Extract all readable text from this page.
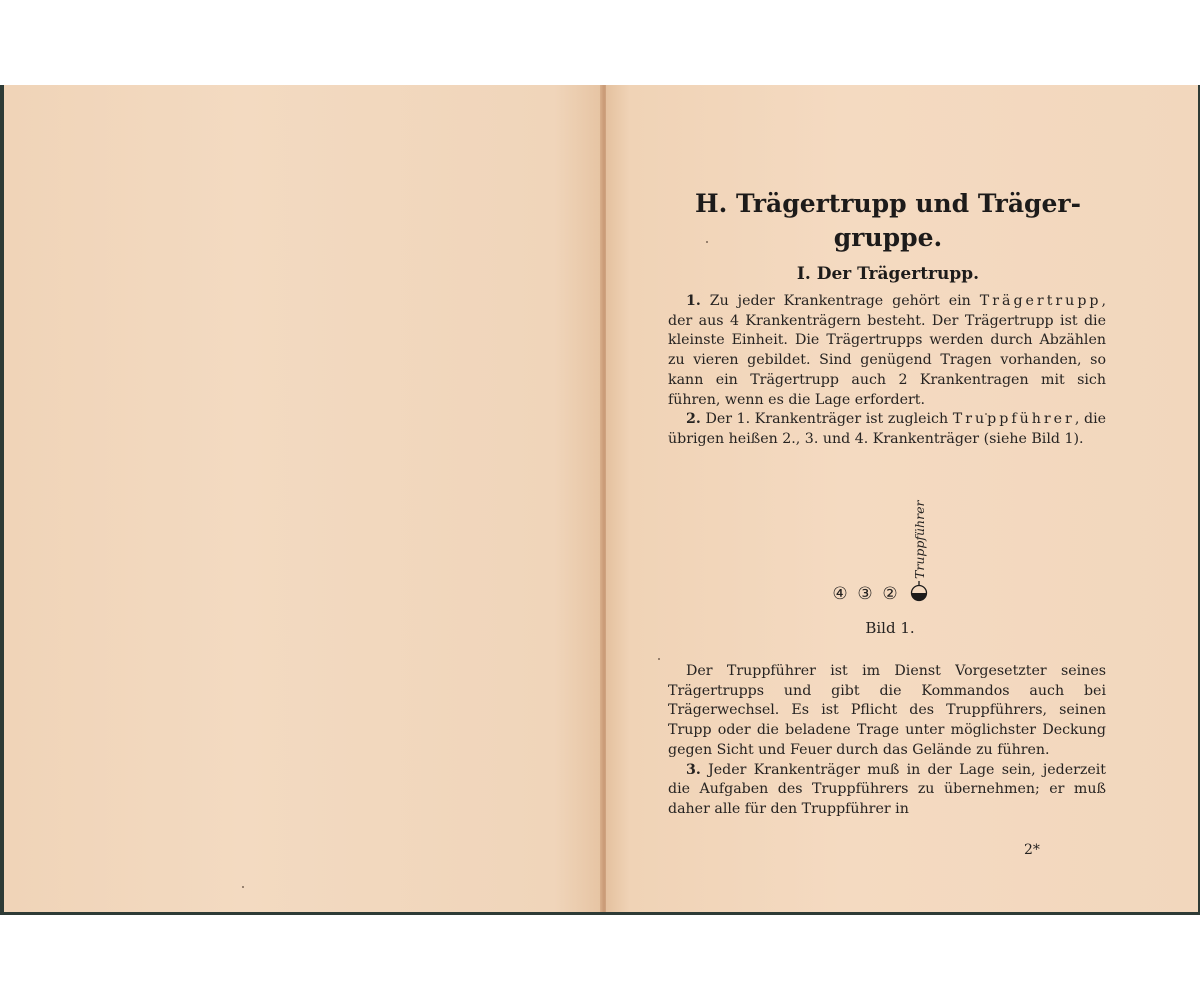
H. Trägertrupp und Träger-gruppe.
I. Der Trägertrupp.

1. Zu jeder Krankentrage gehört ein Trägertrupp, der aus 4 Krankenträgern besteht. Der Trägertrupp ist die kleinste Einheit. Die Trägertrupps werden durch Abzählen zu vieren gebildet. Sind genügend Tragen vorhanden, so kann ein Trägertrupp auch 2 Krankentragen mit sich führen, wenn es die Lage erfordert.

2. Der 1. Krankenträger ist zugleich Truppführer, die übrigen heißen 2., 3. und 4. Krankenträger (siehe Bild 1).

④ ③ ②
Truppführer
Bild 1.

Der Truppführer ist im Dienst Vorgesetzter seines Trägertrupps und gibt die Kommandos auch bei Trägerwechsel. Es ist Pflicht des Truppführers, seinen Trupp oder die beladene Trage unter möglichster Deckung gegen Sicht und Feuer durch das Gelände zu führen.

3. Jeder Krankenträger muß in der Lage sein, jederzeit die Aufgaben des Truppführers zu übernehmen; er muß daher alle für den Truppführer in

2*
